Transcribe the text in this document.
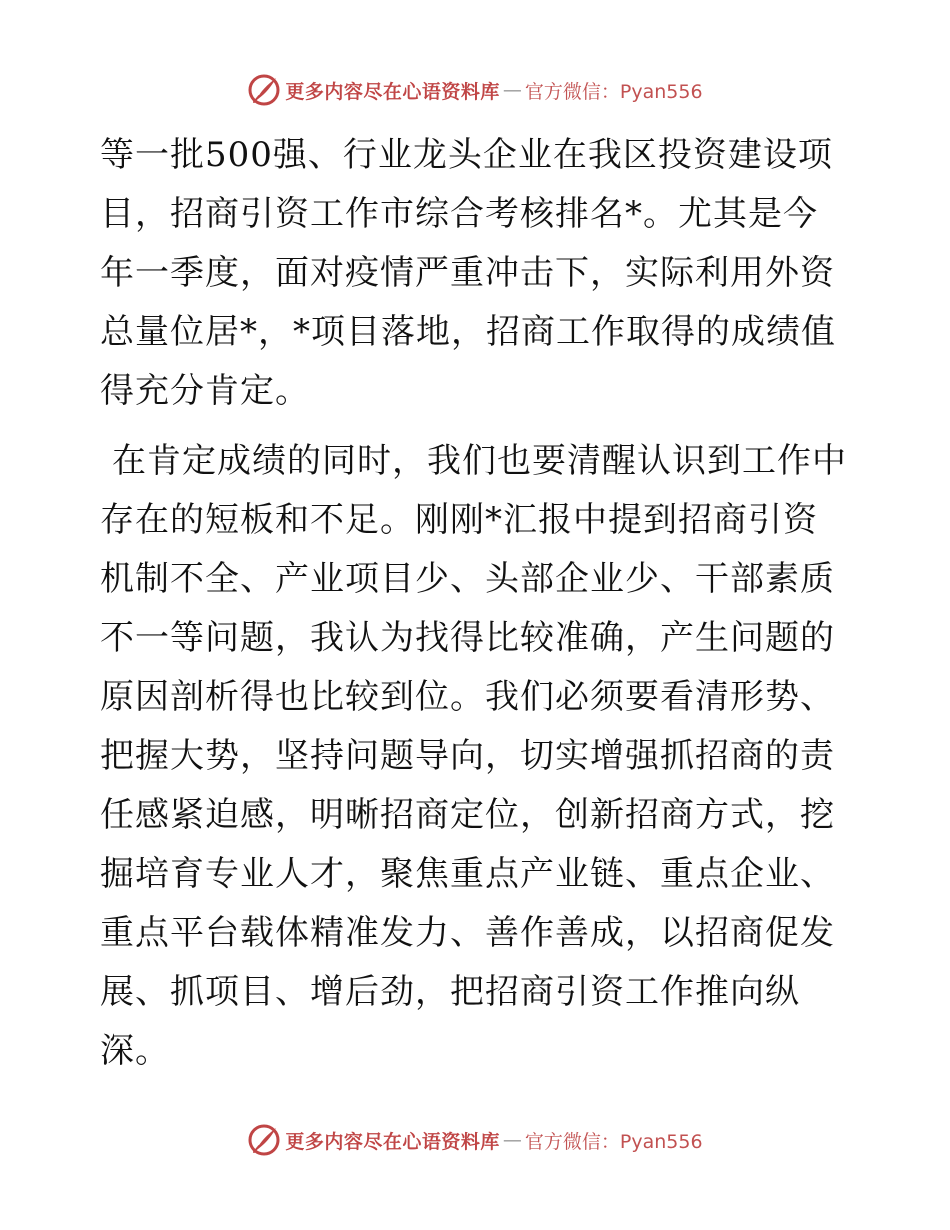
更多内容尽在心语资料库 — 官方微信：Pyan556

等一批500强、行业龙头企业在我区投资建设项目，招商引资工作市综合考核排名*。尤其是今年一季度，面对疫情严重冲击下，实际利用外资总量位居*，*项目落地，招商工作取得的成绩值得充分肯定。

在肯定成绩的同时，我们也要清醒认识到工作中存在的短板和不足。刚刚*汇报中提到招商引资机制不全、产业项目少、头部企业少、干部素质不一等问题，我认为找得比较准确，产生问题的原因剖析得也比较到位。我们必须要看清形势、把握大势，坚持问题导向，切实增强抓招商的责任感紧迫感，明晰招商定位，创新招商方式，挖掘培育专业人才，聚焦重点产业链、重点企业、重点平台载体精准发力、善作善成，以招商促发展、抓项目、增后劲，把招商引资工作推向纵深。

更多内容尽在心语资料库 — 官方微信：Pyan556
